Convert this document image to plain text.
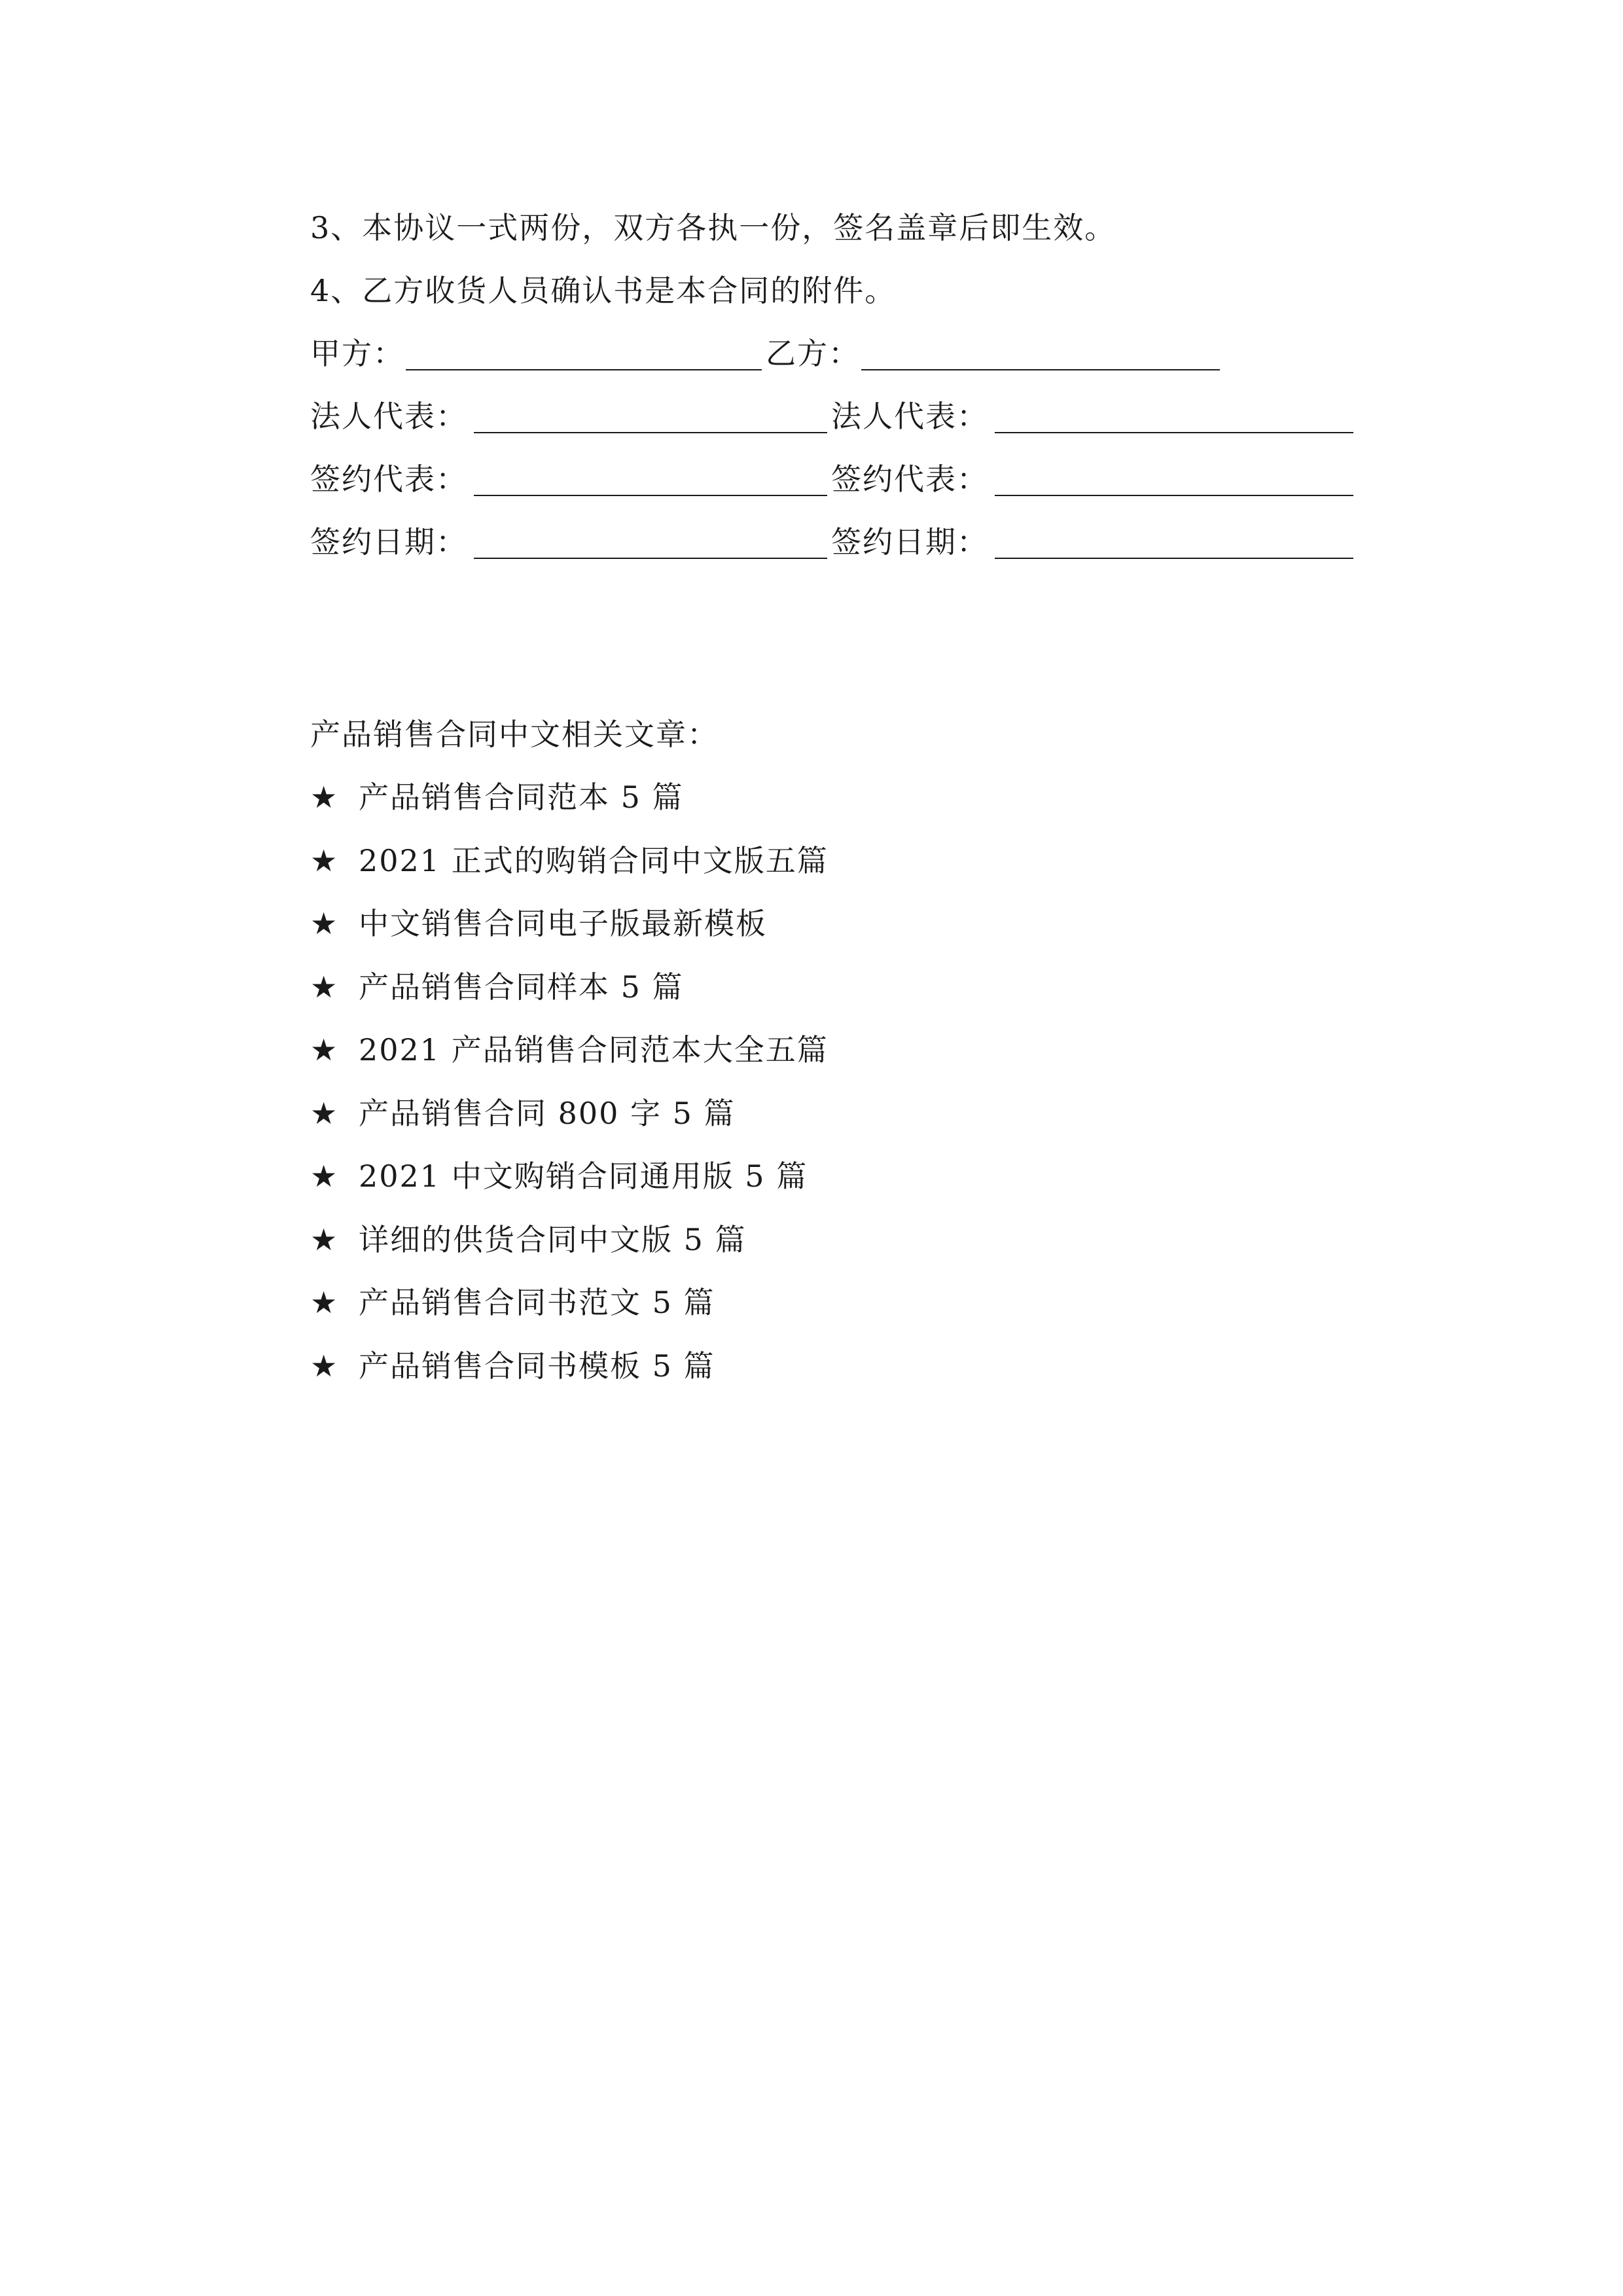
3、本协议一式两份，双方各执一份，签名盖章后即生效。
4、乙方收货人员确认书是本合同的附件。
甲方：	乙方：
法人代表：	法人代表：
签约代表：	签约代表：
签约日期：	签约日期：
产品销售合同中文相关文章：
★ 产品销售合同范本 5 篇
★ 2021 正式的购销合同中文版五篇
★ 中文销售合同电子版最新模板
★ 产品销售合同样本 5 篇
★ 2021 产品销售合同范本大全五篇
★ 产品销售合同 800 字 5 篇
★ 2021 中文购销合同通用版 5 篇
★ 详细的供货合同中文版 5 篇
★ 产品销售合同书范文 5 篇
★ 产品销售合同书模板 5 篇
